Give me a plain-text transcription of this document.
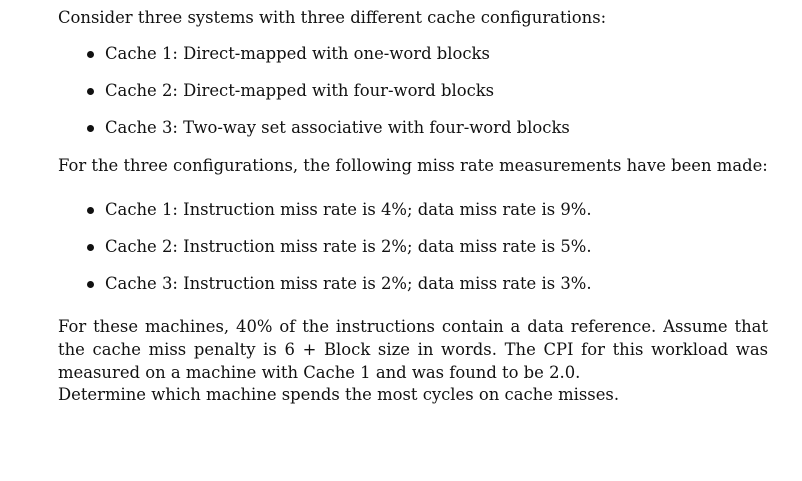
Consider three systems with three different cache configurations:

Cache 1: Direct-mapped with one-word blocks
Cache 2: Direct-mapped with four-word blocks
Cache 3: Two-way set associative with four-word blocks

For the three configurations, the following miss rate measurements have been made:

Cache 1: Instruction miss rate is 4%; data miss rate is 9%.
Cache 2: Instruction miss rate is 2%; data miss rate is 5%.
Cache 3: Instruction miss rate is 2%; data miss rate is 3%.

For these machines, 40% of the instructions contain a data reference. Assume that the cache miss penalty is 6 + Block size in words. The CPI for this workload was measured on a machine with Cache 1 and was found to be 2.0.

Determine which machine spends the most cycles on cache misses.
